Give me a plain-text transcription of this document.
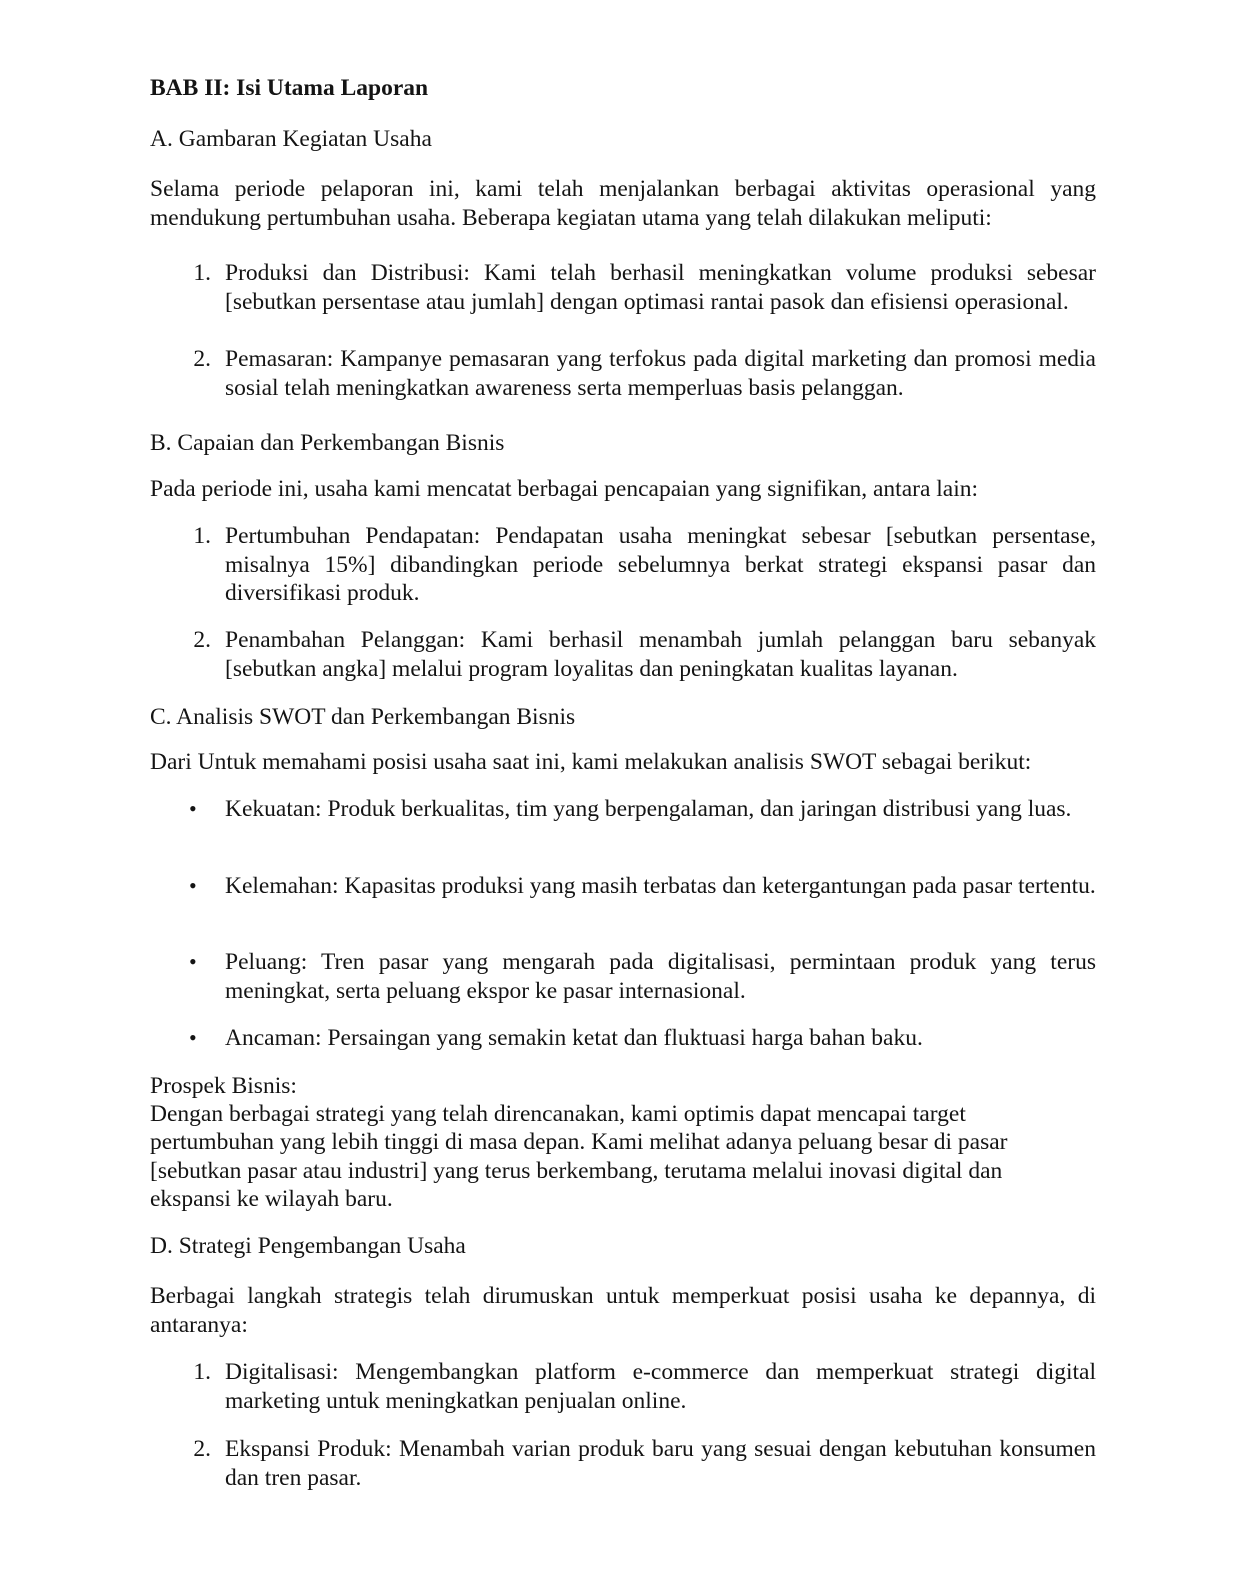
BAB II: Isi Utama Laporan

A. Gambaran Kegiatan Usaha

Selama periode pelaporan ini, kami telah menjalankan berbagai aktivitas operasional yang mendukung pertumbuhan usaha. Beberapa kegiatan utama yang telah dilakukan meliputi:

1. Produksi dan Distribusi: Kami telah berhasil meningkatkan volume produksi sebesar [sebutkan persentase atau jumlah] dengan optimasi rantai pasok dan efisiensi operasional.
2. Pemasaran: Kampanye pemasaran yang terfokus pada digital marketing dan promosi media sosial telah meningkatkan awareness serta memperluas basis pelanggan.

B. Capaian dan Perkembangan Bisnis

Pada periode ini, usaha kami mencatat berbagai pencapaian yang signifikan, antara lain:

1. Pertumbuhan Pendapatan: Pendapatan usaha meningkat sebesar [sebutkan persentase, misalnya 15%] dibandingkan periode sebelumnya berkat strategi ekspansi pasar dan diversifikasi produk.
2. Penambahan Pelanggan: Kami berhasil menambah jumlah pelanggan baru sebanyak [sebutkan angka] melalui program loyalitas dan peningkatan kualitas layanan.

C. Analisis SWOT dan Perkembangan Bisnis

Dari Untuk memahami posisi usaha saat ini, kami melakukan analisis SWOT sebagai berikut:

• Kekuatan: Produk berkualitas, tim yang berpengalaman, dan jaringan distribusi yang luas.
• Kelemahan: Kapasitas produksi yang masih terbatas dan ketergantungan pada pasar tertentu.
• Peluang: Tren pasar yang mengarah pada digitalisasi, permintaan produk yang terus meningkat, serta peluang ekspor ke pasar internasional.
• Ancaman: Persaingan yang semakin ketat dan fluktuasi harga bahan baku.

Prospek Bisnis:

Dengan berbagai strategi yang telah direncanakan, kami optimis dapat mencapai target

pertumbuhan yang lebih tinggi di masa depan. Kami melihat adanya peluang besar di pasar

[sebutkan pasar atau industri] yang terus berkembang, terutama melalui inovasi digital dan

ekspansi ke wilayah baru.

D. Strategi Pengembangan Usaha

Berbagai langkah strategis telah dirumuskan untuk memperkuat posisi usaha ke depannya, di antaranya:

1. Digitalisasi: Mengembangkan platform e-commerce dan memperkuat strategi digital marketing untuk meningkatkan penjualan online.
2. Ekspansi Produk: Menambah varian produk baru yang sesuai dengan kebutuhan konsumen dan tren pasar.
